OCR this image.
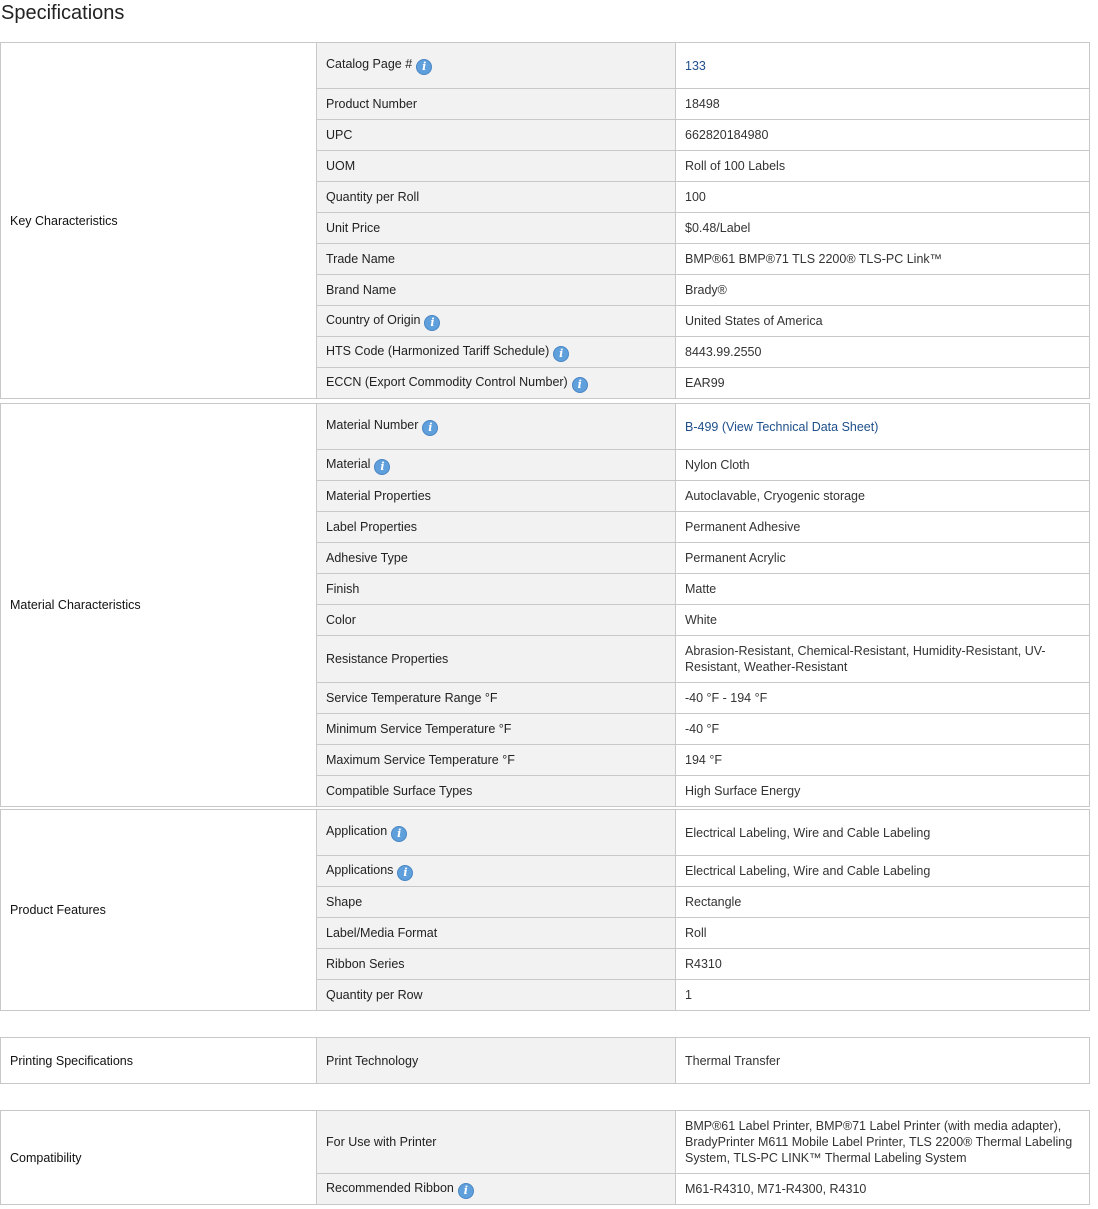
Specifications
Key Characteristics	Catalog Page #i	133
	Product Number	18498
	UPC	662820184980
	UOM	Roll of 100 Labels
	Quantity per Roll	100
	Unit Price	$0.48/Label
	Trade Name	BMP®61 BMP®71 TLS 2200® TLS-PC Link™
	Brand Name	Brady®
	Country of Origini	United States of America
	HTS Code (Harmonized Tariff Schedule)i	8443.99.2550
	ECCN (Export Commodity Control Number)i	EAR99
Material Characteristics	Material Numberi	B-499 (View Technical Data Sheet)
	Materiali	Nylon Cloth
	Material Properties	Autoclavable, Cryogenic storage
	Label Properties	Permanent Adhesive
	Adhesive Type	Permanent Acrylic
	Finish	Matte
	Color	White
	Resistance Properties	Abrasion-Resistant, Chemical-Resistant, Humidity-Resistant, UV-Resistant, Weather-Resistant
	Service Temperature Range °F	-40 °F - 194 °F
	Minimum Service Temperature °F	-40 °F
	Maximum Service Temperature °F	194 °F
	Compatible Surface Types	High Surface Energy
Product Features	Applicationi	Electrical Labeling, Wire and Cable Labeling
	Applicationsi	Electrical Labeling, Wire and Cable Labeling
	Shape	Rectangle
	Label/Media Format	Roll
	Ribbon Series	R4310
	Quantity per Row	1
Printing Specifications	Print Technology	Thermal Transfer
Compatibility	For Use with Printer	BMP®61 Label Printer, BMP®71 Label Printer (with media adapter), BradyPrinter M611 Mobile Label Printer, TLS 2200® Thermal Labeling System, TLS-PC LINK™ Thermal Labeling System
	Recommended Ribboni	M61-R4310, M71-R4300, R4310
